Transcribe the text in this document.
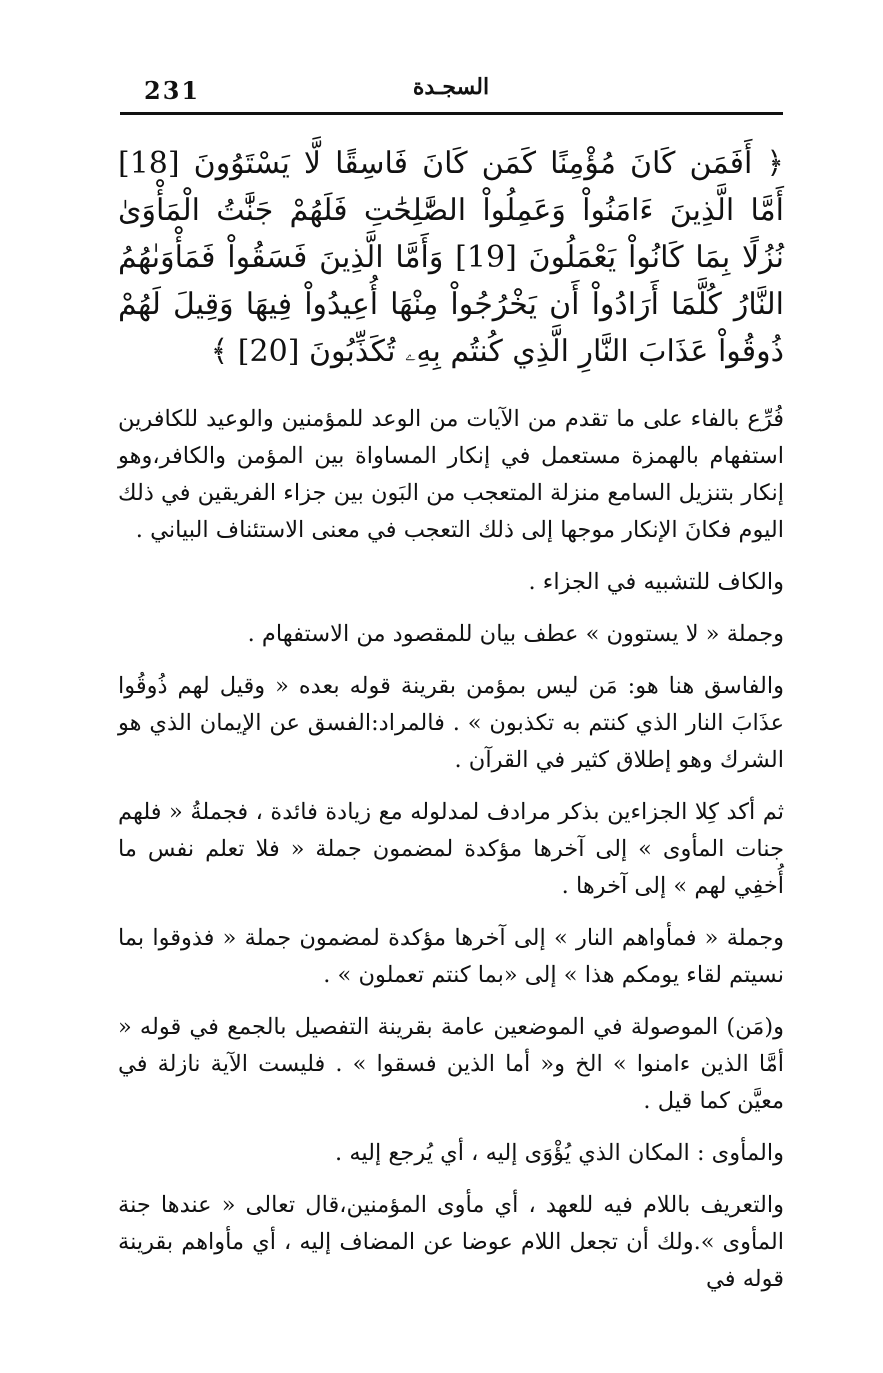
231	السجـدة
﴿ أَفَمَن كَانَ مُؤْمِنًا كَمَن كَانَ فَاسِقًا لَّا يَسْتَوُونَ [18] أَمَّا الَّذِينَ ءَامَنُواْ وَعَمِلُواْ الصَّٰلِحَٰتِ فَلَهُمْ جَنَّٰتُ الْمَأْوَىٰ نُزُلًا بِمَا كَانُواْ يَعْمَلُونَ [19] وَأَمَّا الَّذِينَ فَسَقُواْ فَمَأْوَىٰهُمُ النَّارُ كُلَّمَا أَرَادُواْ أَن يَخْرُجُواْ مِنْهَا أُعِيدُواْ فِيهَا وَقِيلَ لَهُمْ ذُوقُواْ عَذَابَ النَّارِ الَّذِي كُنتُم بِهِۦ تُكَذِّبُونَ [20] ﴾

فُرِّع بالفاء على ما تقدم من الآيات من الوعد للمؤمنين والوعيد للكافرين استفهام بالهمزة مستعمل في إنكار المساواة بين المؤمن والكافر،وهو إنكار بتنزيل السامع منزلة المتعجب من البَون بين جزاء الفريقين في ذلك اليوم فكانَ الإنكار موجها إلى ذلك التعجب في معنى الاستئناف البياني .

والكاف للتشبيه في الجزاء .

وجملة « لا يستوون » عطف بيان للمقصود من الاستفهام .

والفاسق هنا هو: مَن ليس بمؤمن بقرينة قوله بعده « وقيل لهم ذُوقُوا عذَابَ النار الذي كنتم به تكذبون » . فالمراد:الفسق عن الإيمان الذي هو الشرك وهو إطلاق كثير في القرآن .

ثم أكد كِلا الجزاءين بذكر مرادف لمدلوله مع زيادة فائدة ، فجملةُ « فلهم جنات المأوى » إلى آخرها مؤكدة لمضمون جملة « فلا تعلم نفس ما أُخفِي لهم » إلى آخرها .

وجملة « فمأواهم النار » إلى آخرها مؤكدة لمضمون جملة « فذوقوا بما نسيتم لقاء يومكم هذا » إلى «بما كنتم تعملون » .

و(مَن) الموصولة في الموضعين عامة بقرينة التفصيل بالجمع في قوله « أمَّا الذين ءامنوا » الخ و« أما الذين فسقوا » . فليست الآية نازلة في معيَّن كما قيل .

والمأوى : المكان الذي يُؤْوَى إليه ، أي يُرجع إليه .

والتعريف باللام فيه للعهد ، أي مأوى المؤمنين،قال تعالى « عندها جنة المأوى ».ولك أن تجعل اللام عوضا عن المضاف إليه ، أي مأواهم بقرينة قوله في
